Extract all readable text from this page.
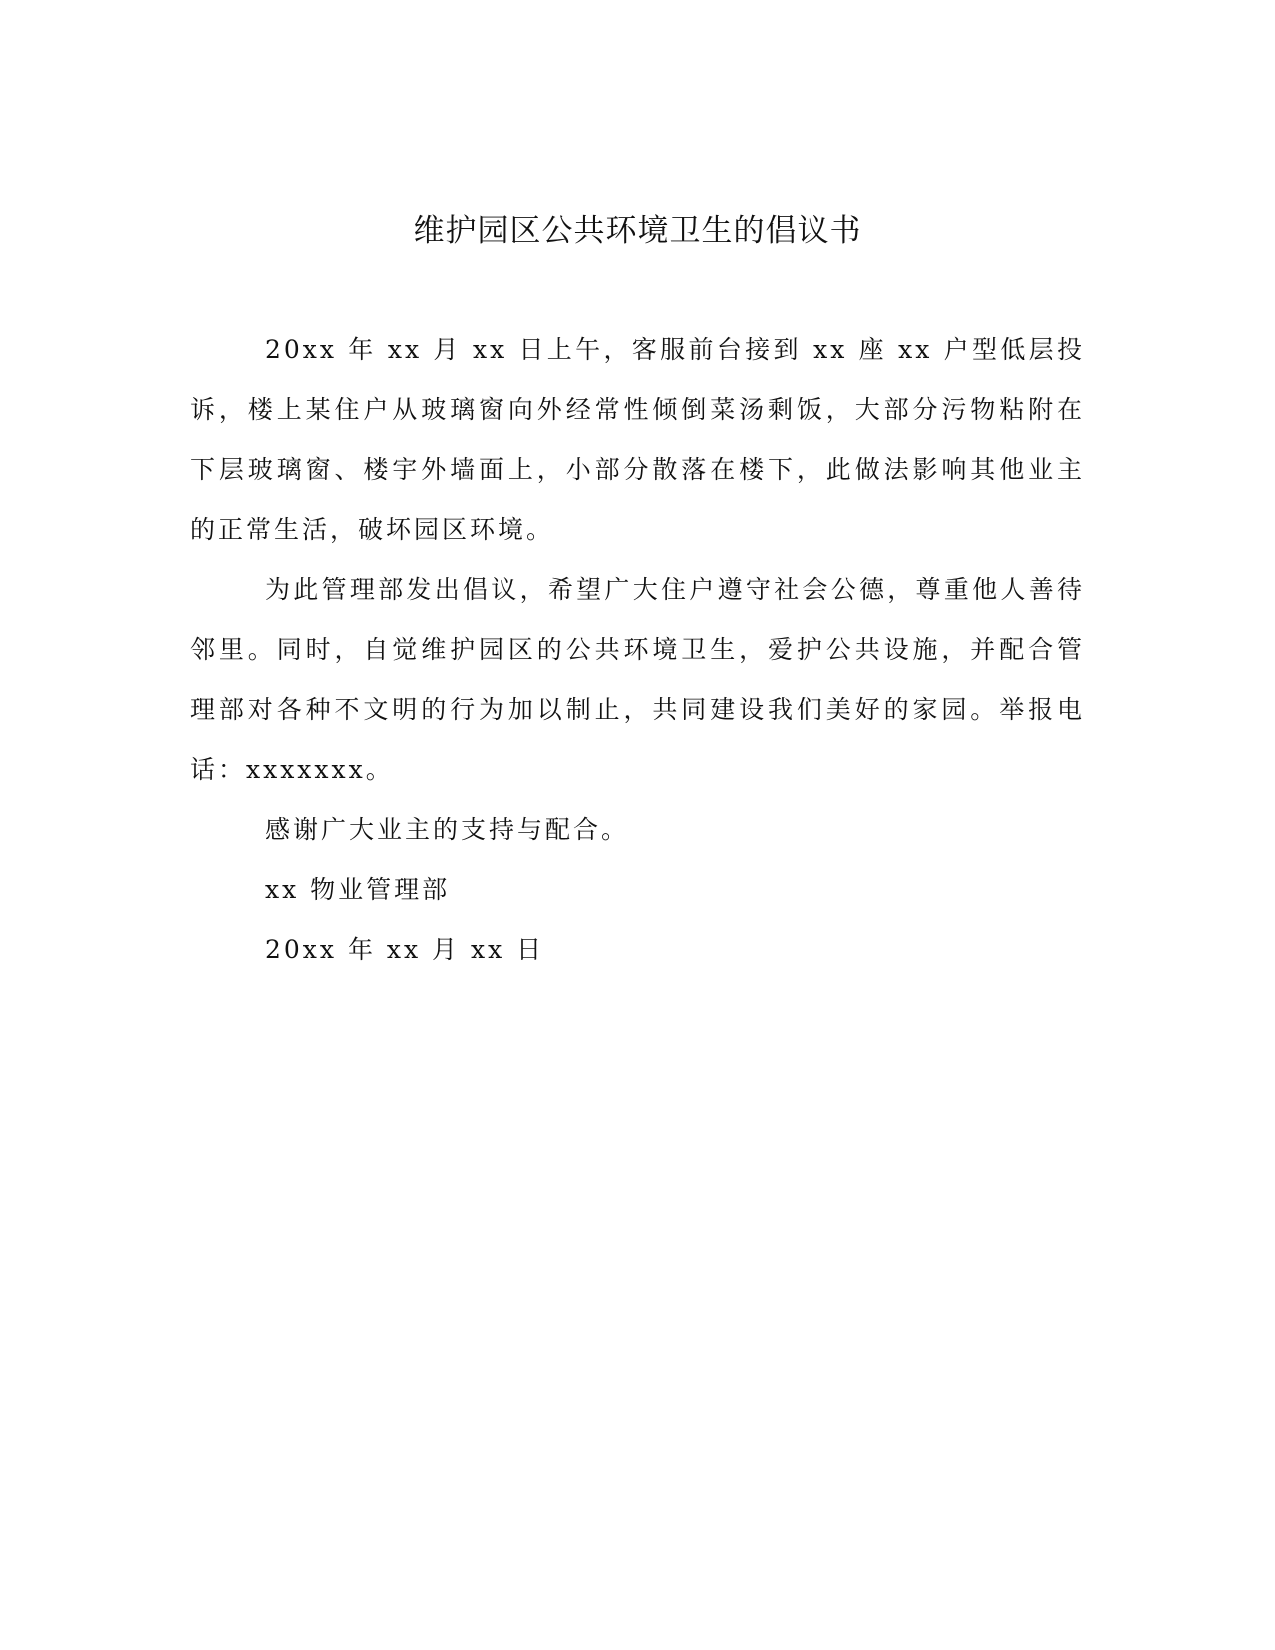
维护园区公共环境卫生的倡议书

20xx 年 xx 月 xx 日上午，客服前台接到 xx 座 xx 户型低层投诉，楼上某住户从玻璃窗向外经常性倾倒菜汤剩饭，大部分污物粘附在下层玻璃窗、楼宇外墙面上，小部分散落在楼下，此做法影响其他业主的正常生活，破坏园区环境。

为此管理部发出倡议，希望广大住户遵守社会公德，尊重他人善待邻里。同时，自觉维护园区的公共环境卫生，爱护公共设施，并配合管理部对各种不文明的行为加以制止，共同建设我们美好的家园。举报电话：xxxxxxx。

感谢广大业主的支持与配合。

xx 物业管理部

20xx 年 xx 月 xx 日
